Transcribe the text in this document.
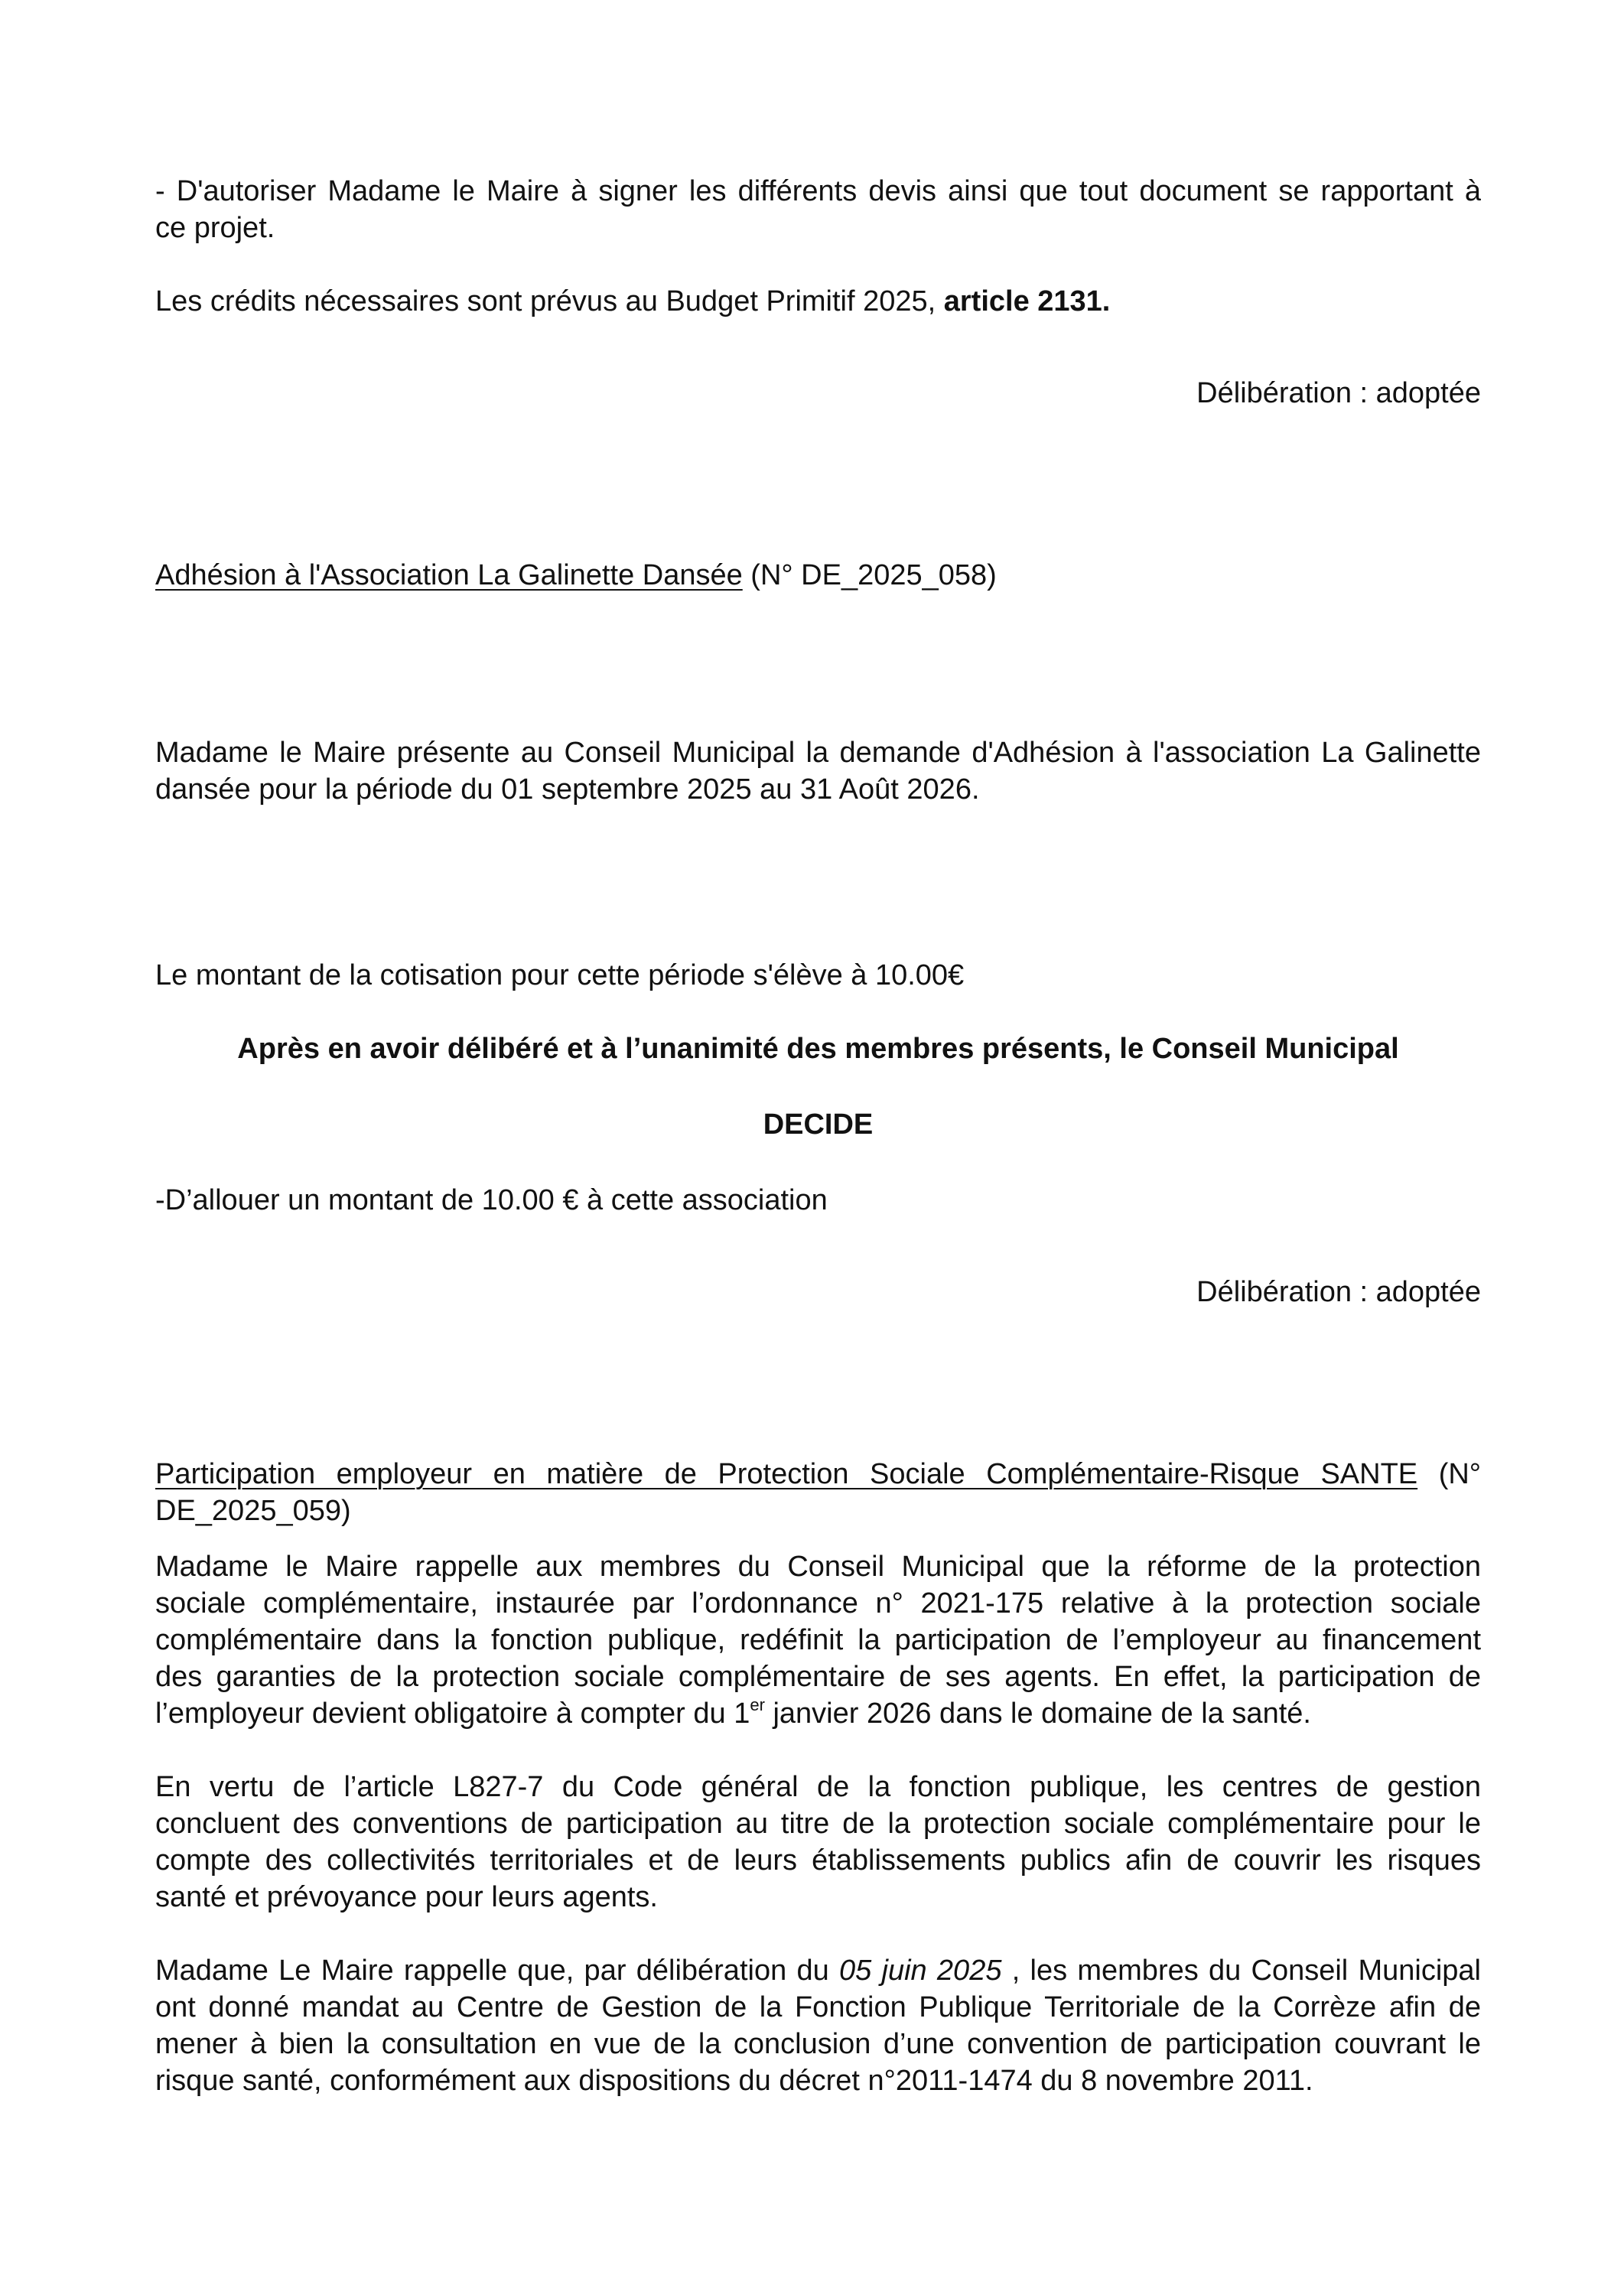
- D'autoriser Madame le Maire à signer les différents devis ainsi que tout document se rapportant à

ce projet.

Les crédits nécessaires sont prévus au Budget Primitif 2025, article 2131.

Délibération : adoptée

Adhésion à l'Association La Galinette Dansée (N° DE_2025_058)

Madame le Maire présente au Conseil Municipal la demande d'Adhésion à l'association La Galinette

dansée pour la période du 01 septembre 2025 au 31 Août 2026.

Le montant de la cotisation pour cette période s'élève à 10.00€

Après en avoir délibéré et à l’unanimité des membres présents, le Conseil Municipal

DECIDE

-D’allouer un montant de 10.00 € à cette association

Délibération : adoptée

Participation employeur en matière de Protection Sociale Complémentaire-Risque SANTE (N°

DE_2025_059)

Madame le Maire rappelle aux membres du Conseil Municipal que la réforme de la protection

sociale complémentaire, instaurée par l’ordonnance n° 2021-175 relative à la protection sociale

complémentaire dans la fonction publique, redéfinit la participation de l’employeur au financement

des garanties de la protection sociale complémentaire de ses agents. En effet, la participation de

l’employeur devient obligatoire à compter du 1er janvier 2026 dans le domaine de la santé.

En vertu de l’article L827-7 du Code général de la fonction publique, les centres de gestion

concluent des conventions de participation au titre de la protection sociale complémentaire pour le

compte des collectivités territoriales et de leurs établissements publics afin de couvrir les risques

santé et prévoyance pour leurs agents.

Madame Le Maire rappelle que, par délibération du 05 juin 2025 , les membres du Conseil Municipal

ont donné mandat au Centre de Gestion de la Fonction Publique Territoriale de la Corrèze afin de

mener à bien la consultation en vue de la conclusion d’une convention de participation couvrant le

risque santé, conformément aux dispositions du décret n°2011-1474 du 8 novembre 2011.
